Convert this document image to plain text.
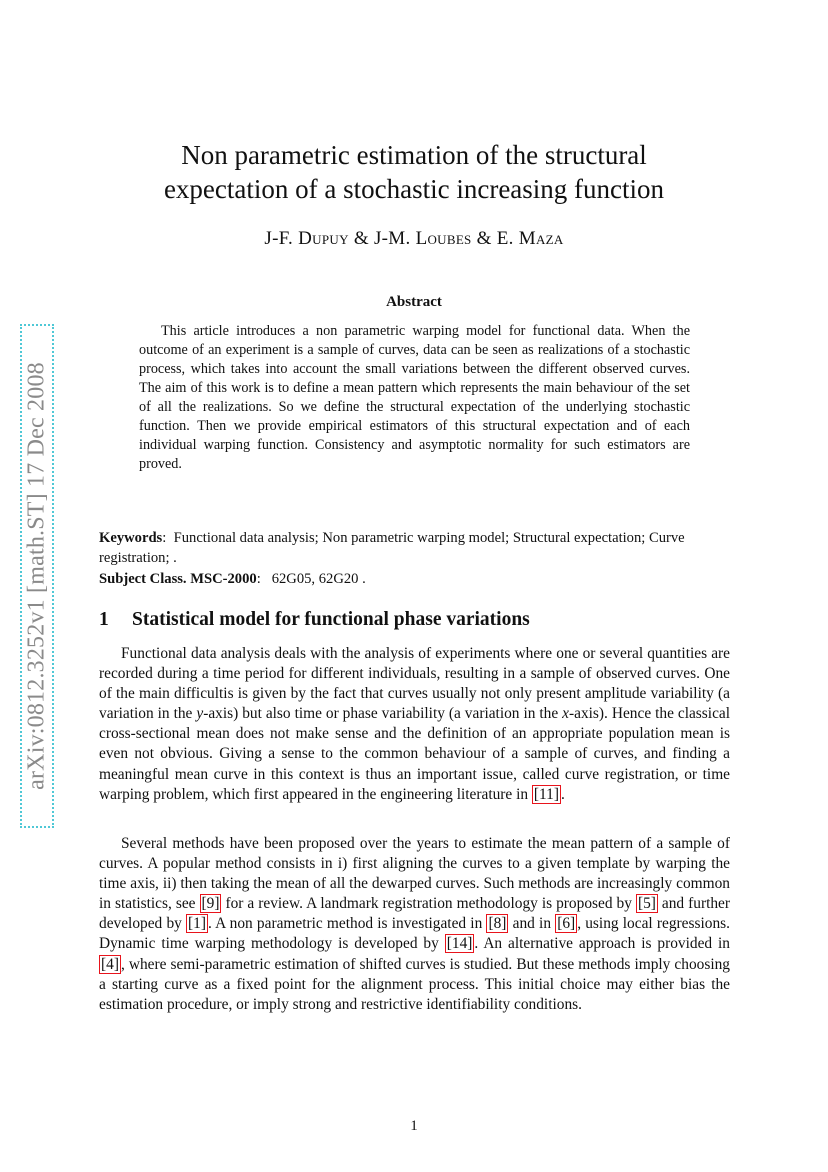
arXiv:0812.3252v1 [math.ST] 17 Dec 2008
Non parametric estimation of the structural
expectation of a stochastic increasing function
J-F. Dupuy & J-M. Loubes & E. Maza
Abstract

This article introduces a non parametric warping model for functional data. When the outcome of an experiment is a sample of curves, data can be seen as realizations of a stochastic process, which takes into account the small variations between the different observed curves. The aim of this work is to define a mean pattern which represents the main behaviour of the set of all the realizations. So we define the structural expectation of the underlying stochastic function. Then we provide empirical estimators of this structural expectation and of each individual warping function. Consistency and asymptotic normality for such estimators are proved.

Keywords:  Functional data analysis; Non parametric warping model; Structural expectation; Curve registration; .

Subject Class. MSC-2000:   62G05, 62G20 .

1 Statistical model for functional phase variations

Functional data analysis deals with the analysis of experiments where one or several quantities are recorded during a time period for different individuals, resulting in a sample of observed curves. One of the main difficultis is given by the fact that curves usually not only present amplitude variability (a variation in the y-axis) but also time or phase variability (a variation in the x-axis). Hence the classical cross-sectional mean does not make sense and the definition of an appropriate population mean is even not obvious. Giving a sense to the common behaviour of a sample of curves, and finding a meaningful mean curve in this context is thus an important issue, called curve registration, or time warping problem, which first appeared in the engineering literature in [11] .

Several methods have been proposed over the years to estimate the mean pattern of a sample of curves. A popular method consists in i) first aligning the curves to a given template by warping the time axis, ii) then taking the mean of all the dewarped curves. Such methods are increasingly common in statistics, see [9] for a review. A landmark registration methodology is proposed by [5] and further developed by [1] . A non parametric method is investigated in [8] and in [6] , using local regressions. Dynamic time warping methodology is developed by [14] . An alternative approach is provided in [4] , where semi-parametric estimation of shifted curves is studied. But these methods imply choosing a starting curve as a fixed point for the alignment process. This initial choice may either bias the estimation procedure, or imply strong and restrictive identifiability conditions.

1
